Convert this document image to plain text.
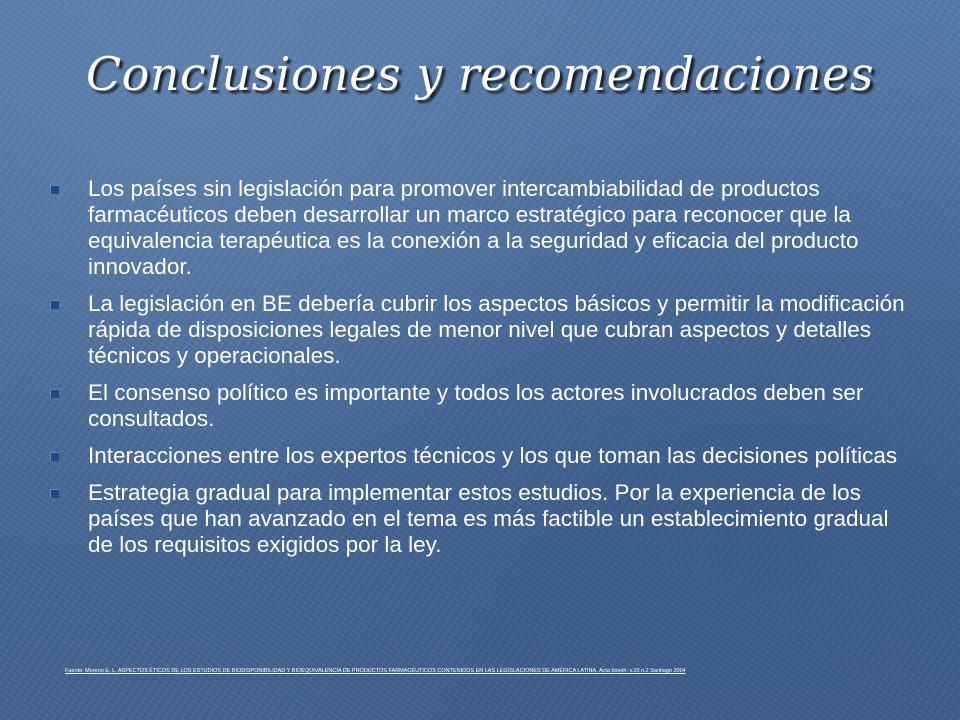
Conclusiones y recomendaciones
Los países sin legislación para promover intercambiabilidad de productos farmacéuticos deben desarrollar un marco estratégico para reconocer que la equivalencia terapéutica es la conexión a la seguridad y eficacia del producto innovador.
La legislación en BE debería cubrir los aspectos básicos y permitir la modificación rápida de disposiciones legales de menor nivel que cubran aspectos y detalles técnicos y operacionales.
El consenso político es importante y todos los actores involucrados deben ser consultados.
Interacciones entre los expertos técnicos y los que toman las decisiones políticas
Estrategia gradual para implementar estos estudios. Por la experiencia de los países que han avanzado en el tema es más factible un establecimiento gradual de los requisitos exigidos por la ley.
Fuente: Moreno E. L. ASPECTOS ÉTICOS DE LOS ESTUDIOS DE BIODISPONIBILIDAD Y BIOEQUIVALENCIA DE PRODUCTOS FARMACÉUTICOS CONTENIDOS EN LAS LEGISLACIONES DE AMÉRICA LATINA. Acta bioeth. v.10 n.2 Santiago 2004
